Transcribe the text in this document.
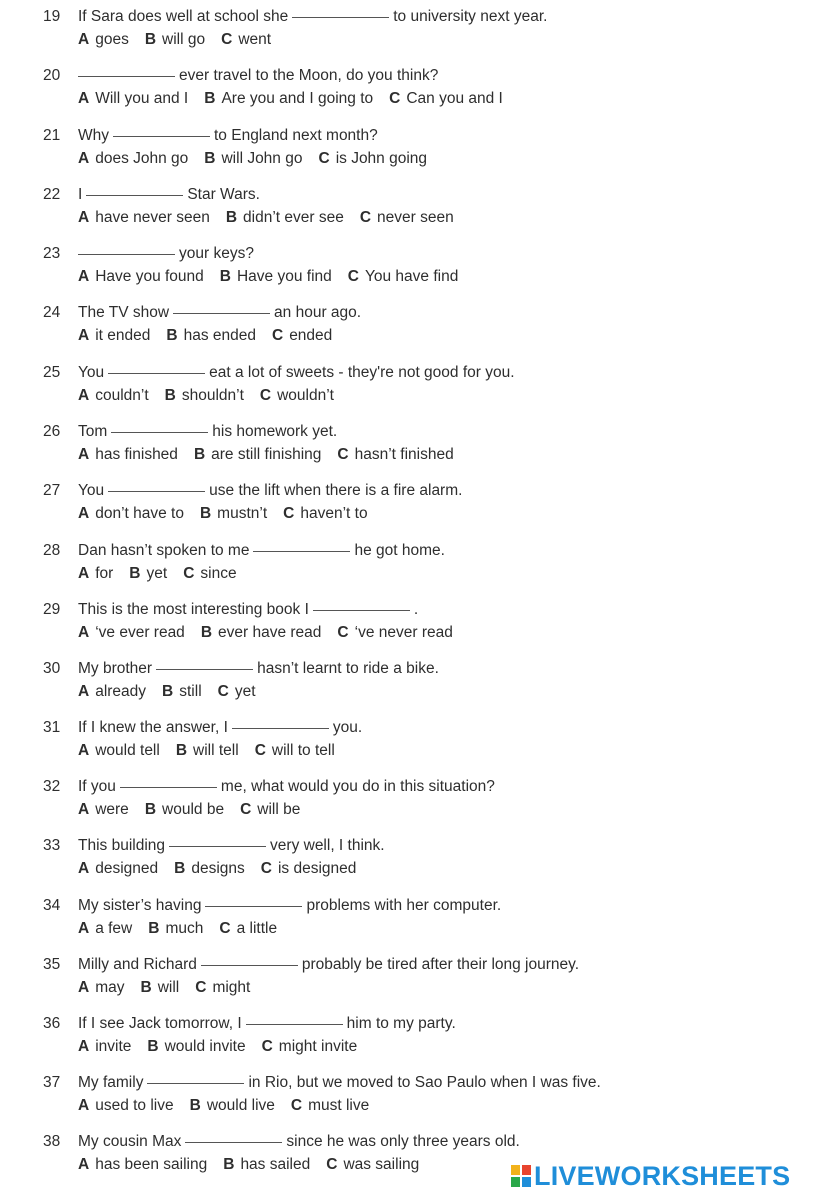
19	If Sara does well at school she	to university next year.
A goes B will go C went
20	ever travel to the Moon, do you think?
A Will you and I B Are you and I going to C Can you and I
21	Why	to England next month?
A does John go B will John go C is John going
22	I	Star Wars.
A have never seen B didn’t ever see C never seen
23	your keys?
A Have you found B Have you find C You have find
24	The TV show	an hour ago.
A it ended B has ended C ended
25	You	eat a lot of sweets - they're not good for you.
A couldn’t B shouldn’t C wouldn’t
26	Tom	his homework yet.
A has finished B are still finishing C hasn’t finished
27	You	use the lift when there is a fire alarm.
A don’t have to B mustn’t C haven’t to
28	Dan hasn’t spoken to me	he got home.
A for B yet C since
29	This is the most interesting book I	.
A ‘ve ever read B ever have read C ‘ve never read
30	My brother	hasn’t learnt to ride a bike.
A already B still C yet
31	If I knew the answer, I	you.
A would tell B will tell C will to tell
32	If you	me, what would you do in this situation?
A were B would be C will be
33	This building	very well, I think.
A designed B designs C is designed
34	My sister’s having	problems with her computer.
A a few B much C a little
35	Milly and Richard	probably be tired after their long journey.
A may B will C might
36	If I see Jack tomorrow, I	him to my party.
A invite B would invite C might invite
37	My family	in Rio, but we moved to Sao Paulo when I was five.
A used to live B would live C must live
38	My cousin Max	since he was only three years old.
A has been sailing B has sailed C was sailing	LIVEWORKSHEETS
